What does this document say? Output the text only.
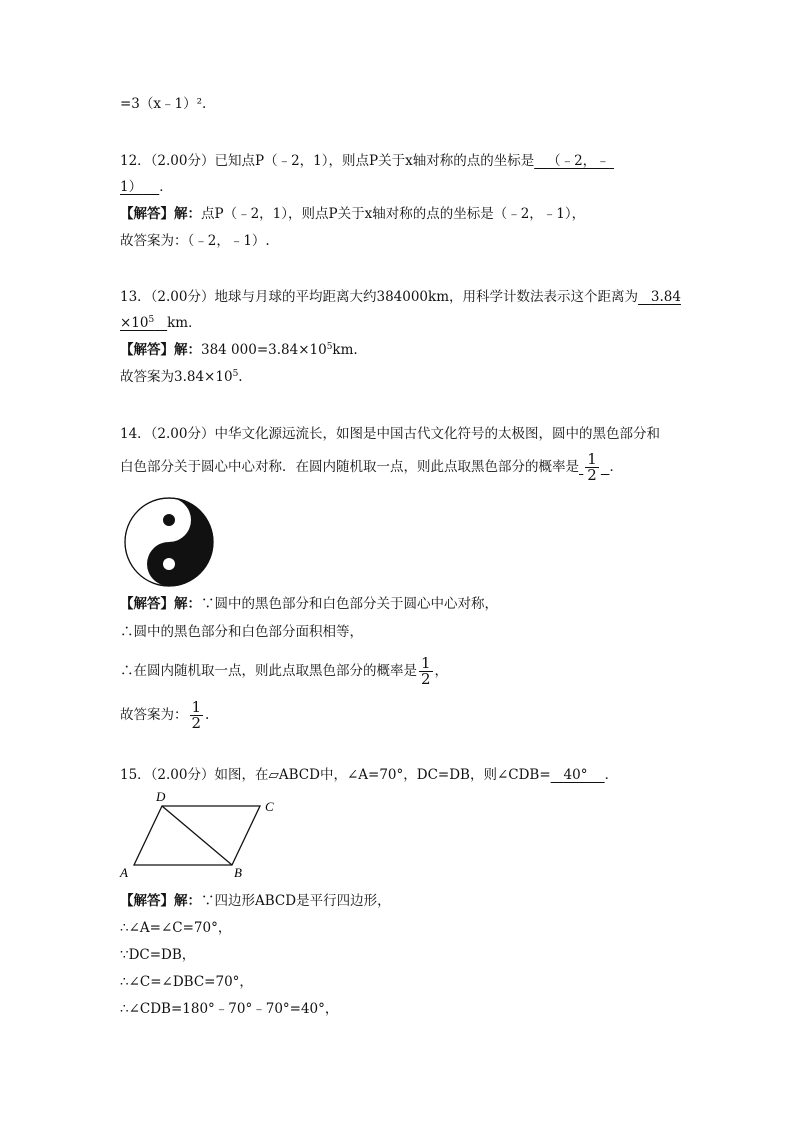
=3（x﹣1）².
12．（2.00分）已知点P（﹣2，1），则点P关于x轴对称的点的坐标是 （﹣2，﹣
1） ．
【解答】解：点P（﹣2，1），则点P关于x轴对称的点的坐标是（﹣2，﹣1），
故答案为：（﹣2，﹣1）.
13．（2.00分）地球与月球的平均距离大约384000km，用科学计数法表示这个距离为 3.84
$\times 10^5$ km．
【解答】解：384 $000=3.84\times 10^5km$.
故答案为$3.84\times 10^5$.
14．（2.00分）中华文化源远流长，如图是中国古代文化符号的太极图，圆中的黑色部分和
白色部分关于圆心中心对称．在圆内随机取一点，则此点取黑色部分的概率是 $\frac{1}{2}$ ．
【解答】解：∵圆中的黑色部分和白色部分关于圆心中心对称，
∴圆中的黑色部分和白色部分面积相等，
∴在圆内随机取一点，则此点取黑色部分的概率是 $\frac{1}{2}$ ，
故答案为： $\frac{1}{2}$ .
15．（2.00分）如图，在▱ABCD中，∠A=70°，DC=DB，则∠CDB= 40° ．
D
C
A	B
【解答】解：∵四边形ABCD是平行四边形，
∴∠A=∠C=70°，
∵DC=DB，
∴∠C=∠DBC=70°，
∴∠CDB=180°﹣70°﹣70°=40°，
